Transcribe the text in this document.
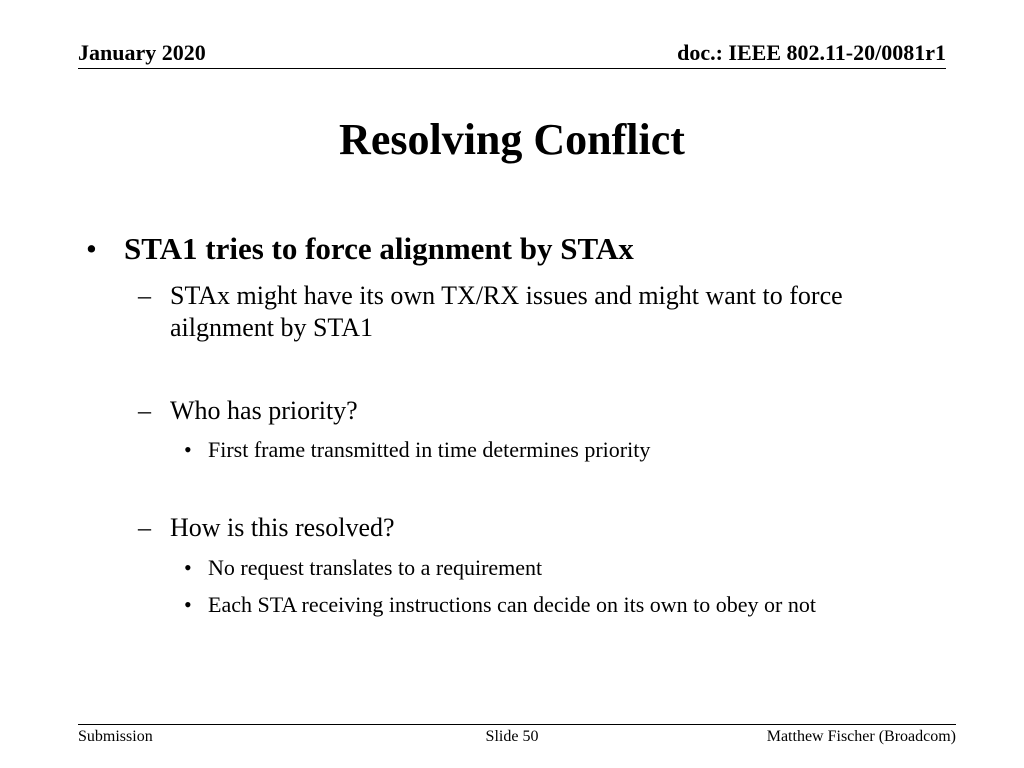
January 2020	doc.: IEEE 802.11-20/0081r1
Resolving Conflict
• STA1 tries to force alignment by STAx
– STAx might have its own TX/RX issues and might want to force ailgnment by STA1
– Who has priority?
• First frame transmitted in time determines priority
– How is this resolved?
• No request translates to a requirement
• Each STA receiving instructions can decide on its own to obey or not
Submission	Slide 50	Matthew Fischer (Broadcom)
